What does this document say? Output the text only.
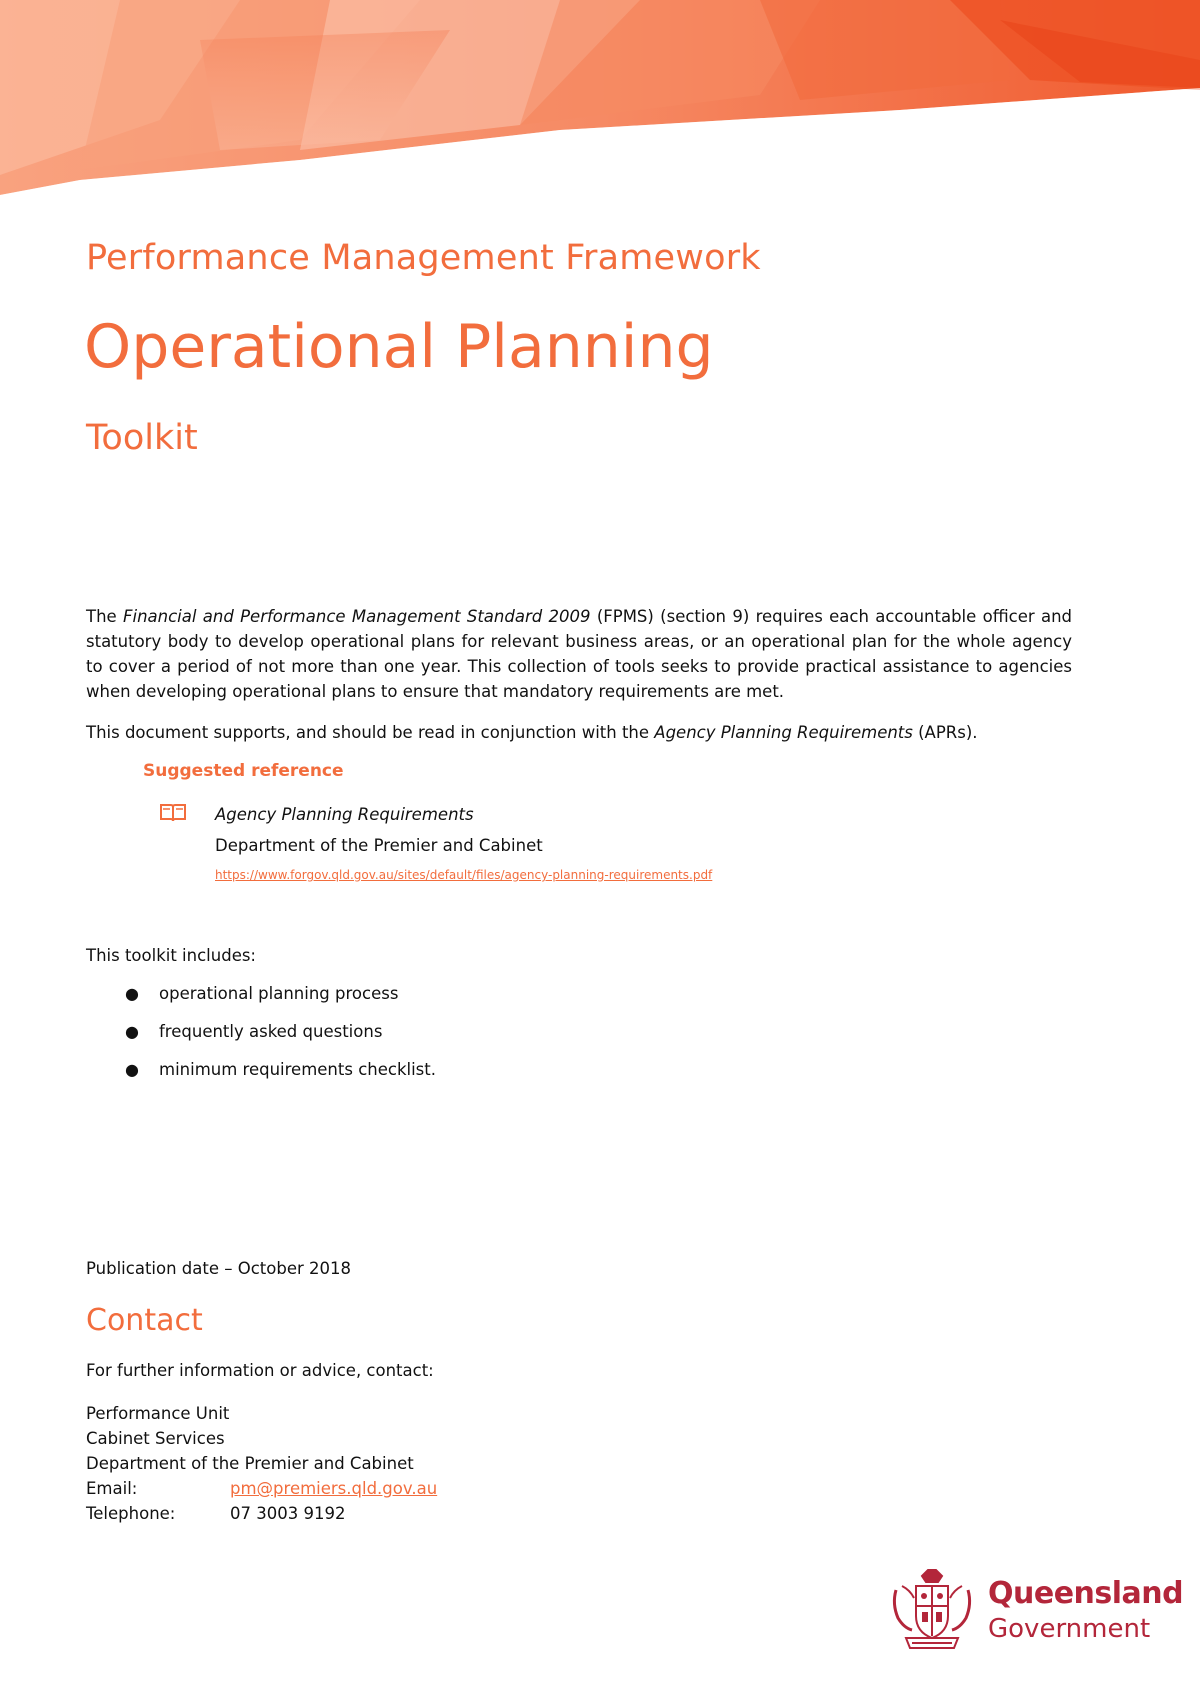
Performance Management Framework
Operational Planning
Toolkit

The Financial and Performance Management Standard 2009 (FPMS) (section 9) requires each accountable officer and statutory body to develop operational plans for relevant business areas, or an operational plan for the whole agency to cover a period of not more than one year. This collection of tools seeks to provide practical assistance to agencies when developing operational plans to ensure that mandatory requirements are met.

This document supports, and should be read in conjunction with the Agency Planning Requirements (APRs).
Suggested reference
Agency Planning Requirements
Department of the Premier and Cabinet
https://www.forgov.qld.gov.au/sites/default/files/agency-planning-requirements.pdf
This toolkit includes:
● operational planning process
● frequently asked questions
● minimum requirements checklist.
Publication date – October 2018
Contact
For further information or advice, contact:
Performance Unit
Cabinet Services
Department of the Premier and Cabinet
Email:	pm@premiers.qld.gov.au
Telephone:	07 3003 9192
Queensland
Government
